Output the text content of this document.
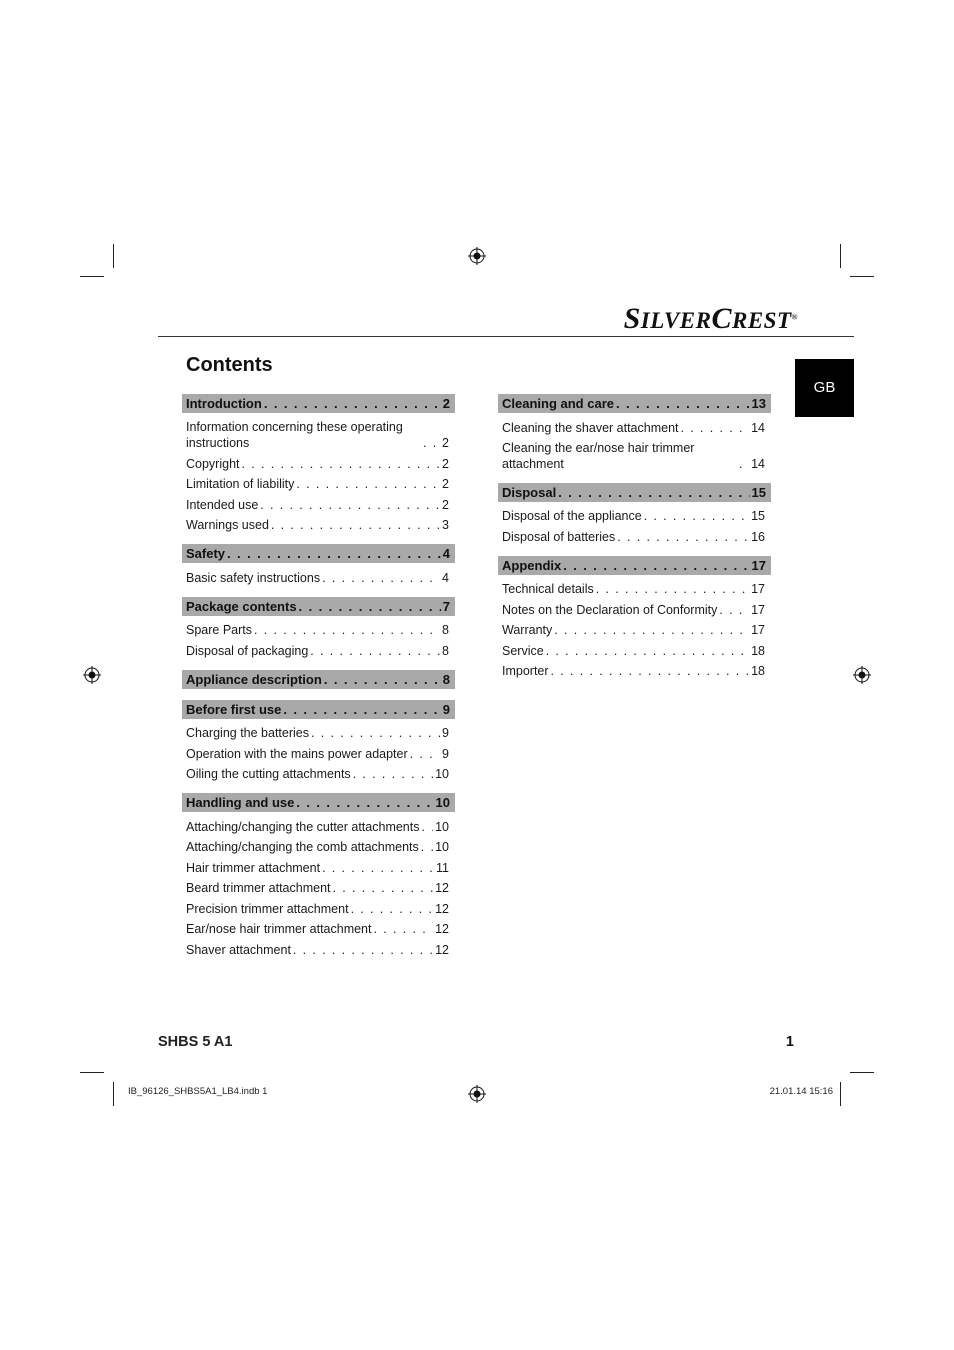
SILVERCREST®
GB
Contents
Introduction . . .	2
Information concerning these operating instructions . . .	2
Copyright . . .	2
Limitation of liability . . .	2
Intended use . . .	2
Warnings used . . .	3
Safety . . .	4
Basic safety instructions . . .	4
Package contents . . .	7
Spare Parts . . .	8
Disposal of packaging . . .	8
Appliance description . . .	8
Before first use . . .	9
Charging the batteries . . .	9
Operation with the mains power adapter . . .	9
Oiling the cutting attachments . . .	10
Handling and use . . .	10
Attaching/changing the cutter attachments . . . 10
Attaching/changing the comb attachments . . . 10
Hair trimmer attachment . . .	11
Beard trimmer attachment . . .	12
Precision trimmer attachment . . .	12
Ear/nose hair trimmer attachment . . .	12
Shaver attachment . . .	12
Cleaning and care . . .	13
Cleaning the shaver attachment . . .	14
Cleaning the ear/nose hair trimmer attachment . . .	14
Disposal . . .	15
Disposal of the appliance . . .	15
Disposal of batteries . . .	16
Appendix . . .	17
Technical details . . .	17
Notes on the Declaration of Conformity . . .	17
Warranty . . .	17
Service . . .	18
Importer . . .	18
SHBS 5 A1	1
IB_96126_SHBS5A1_LB4.indb 1	21.01.14 15:16
